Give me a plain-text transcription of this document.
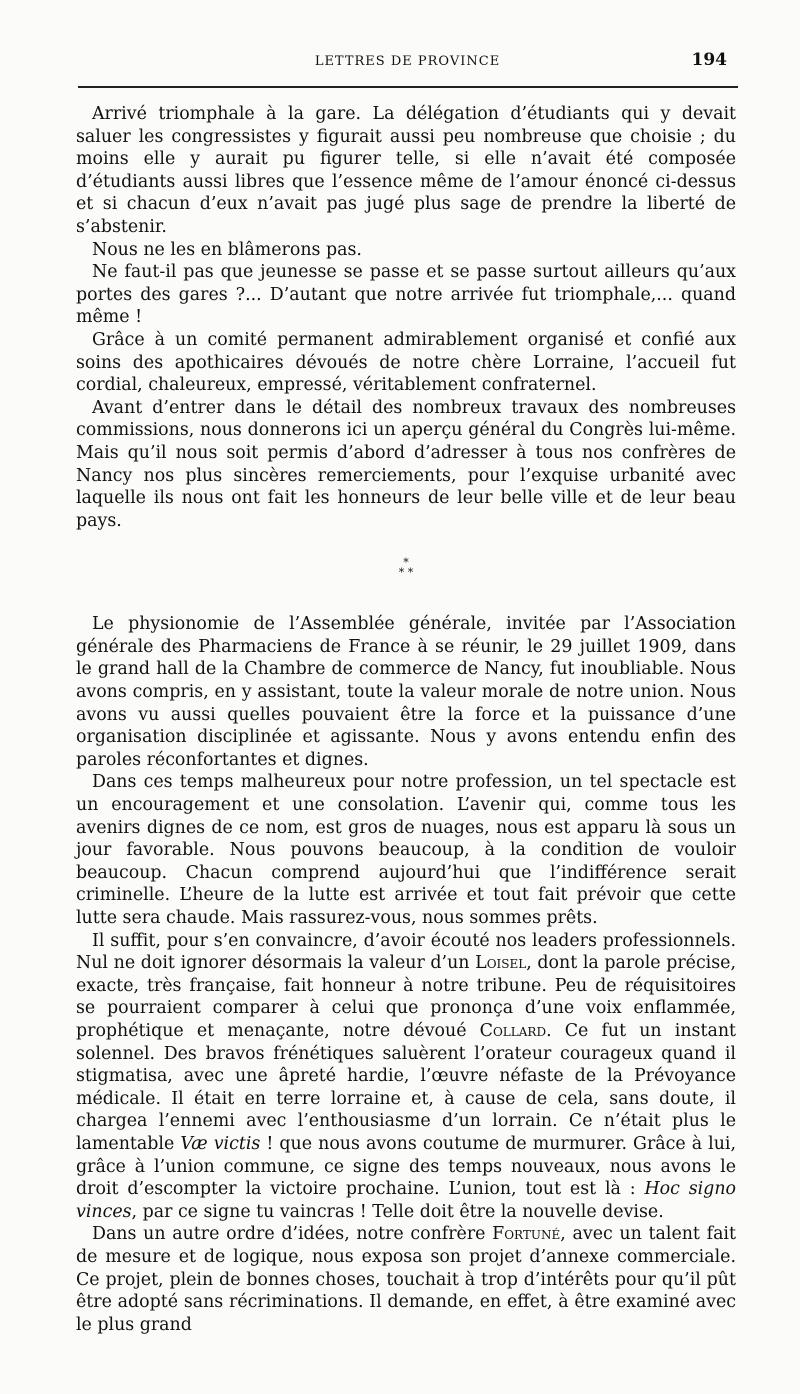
LETTRES DE PROVINCE	194

Arrivé triomphale à la gare. La délégation d’étudiants qui y devait saluer les congressistes y figurait aussi peu nombreuse que choisie ; du moins elle y aurait pu figurer telle, si elle n’avait été composée d’étudiants aussi libres que l’essence même de l’amour énoncé ci-dessus et si chacun d’eux n’avait pas jugé plus sage de prendre la liberté de s’abstenir.

Nous ne les en blâmerons pas.

Ne faut-il pas que jeunesse se passe et se passe surtout ailleurs qu’aux portes des gares ?... D’autant que notre arrivée fut triomphale,... quand même !

Grâce à un comité permanent admirablement organisé et confié aux soins des apothicaires dévoués de notre chère Lorraine, l’accueil fut cordial, chaleureux, empressé, véritablement confraternel.

Avant d’entrer dans le détail des nombreux travaux des nombreuses commissions, nous donnerons ici un aperçu général du Congrès lui-même. Mais qu’il nous soit permis d’abord d’adresser à tous nos confrères de Nancy nos plus sincères remerciements, pour l’exquise urbanité avec laquelle ils nous ont fait les honneurs de leur belle ville et de leur beau pays.

*
* *

Le physionomie de l’Assemblée générale, invitée par l’Association générale des Pharmaciens de France à se réunir, le 29 juillet 1909, dans le grand hall de la Chambre de commerce de Nancy, fut inoubliable. Nous avons compris, en y assistant, toute la valeur morale de notre union. Nous avons vu aussi quelles pouvaient être la force et la puissance d’une organisation disciplinée et agissante. Nous y avons entendu enfin des paroles réconfortantes et dignes.

Dans ces temps malheureux pour notre profession, un tel spectacle est un encouragement et une consolation. L’avenir qui, comme tous les avenirs dignes de ce nom, est gros de nuages, nous est apparu là sous un jour favorable. Nous pouvons beaucoup, à la condition de vouloir beaucoup. Chacun comprend aujourd’hui que l’indifférence serait criminelle. L’heure de la lutte est arrivée et tout fait prévoir que cette lutte sera chaude. Mais rassurez-vous, nous sommes prêts.

Il suffit, pour s’en convaincre, d’avoir écouté nos leaders professionnels. Nul ne doit ignorer désormais la valeur d’un Loisel, dont la parole précise, exacte, très française, fait honneur à notre tribune. Peu de réquisitoires se pourraient comparer à celui que prononça d’une voix enflammée, prophétique et menaçante, notre dévoué Collard. Ce fut un instant solennel. Des bravos frénétiques saluèrent l’orateur courageux quand il stigmatisa, avec une âpreté hardie, l’œuvre néfaste de la Prévoyance médicale. Il était en terre lorraine et, à cause de cela, sans doute, il chargea l’ennemi avec l’enthousiasme d’un lorrain. Ce n’était plus le lamentable Væ victis ! que nous avons coutume de murmurer. Grâce à lui, grâce à l’union commune, ce signe des temps nouveaux, nous avons le droit d’escompter la victoire prochaine. L’union, tout est là : Hoc signo vinces, par ce signe tu vaincras ! Telle doit être la nouvelle devise.

Dans un autre ordre d’idées, notre confrère Fortuné, avec un talent fait de mesure et de logique, nous exposa son projet d’annexe commerciale. Ce projet, plein de bonnes choses, touchait à trop d’intérêts pour qu’il pût être adopté sans récriminations. Il demande, en effet, à être examiné avec le plus grand
